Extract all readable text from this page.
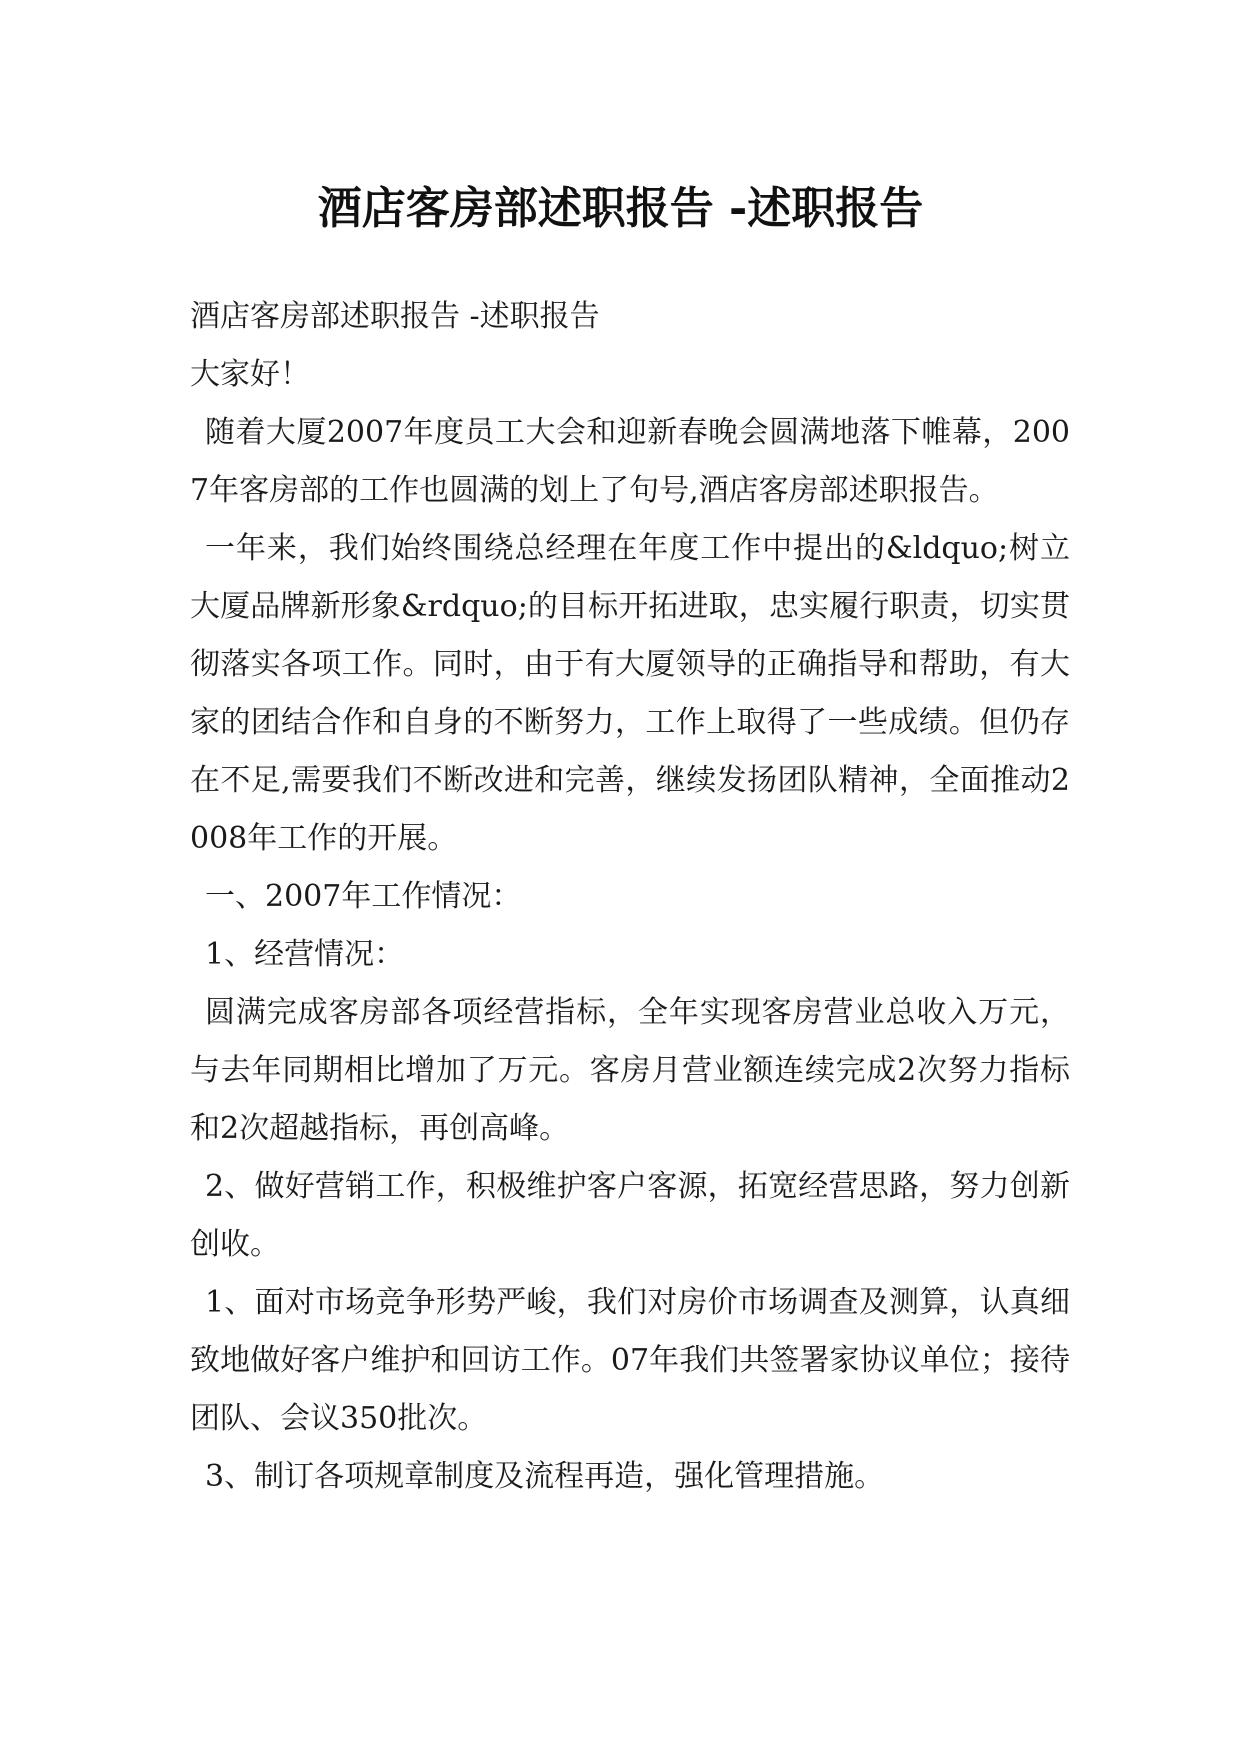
酒店客房部述职报告 -述职报告

酒店客房部述职报告 -述职报告

大家好！

随着大厦2007年度员工大会和迎新春晚会圆满地落下帷幕，2007年客房部的工作也圆满的划上了句号,酒店客房部述职报告。

一年来，我们始终围绕总经理在年度工作中提出的&ldquo;树立大厦品牌新形象&rdquo;的目标开拓进取，忠实履行职责，切实贯彻落实各项工作。同时，由于有大厦领导的正确指导和帮助，有大家的团结合作和自身的不断努力，工作上取得了一些成绩。但仍存在不足,需要我们不断改进和完善，继续发扬团队精神，全面推动2008年工作的开展。

一、2007年工作情况：

1、经营情况：

圆满完成客房部各项经营指标，全年实现客房营业总收入万元，与去年同期相比增加了万元。客房月营业额连续完成2次努力指标和2次超越指标，再创高峰。

2、做好营销工作，积极维护客户客源，拓宽经营思路，努力创新创收。

1、面对市场竞争形势严峻，我们对房价市场调查及测算，认真细致地做好客户维护和回访工作。07年我们共签署家协议单位；接待团队、会议350批次。

3、制订各项规章制度及流程再造，强化管理措施。
